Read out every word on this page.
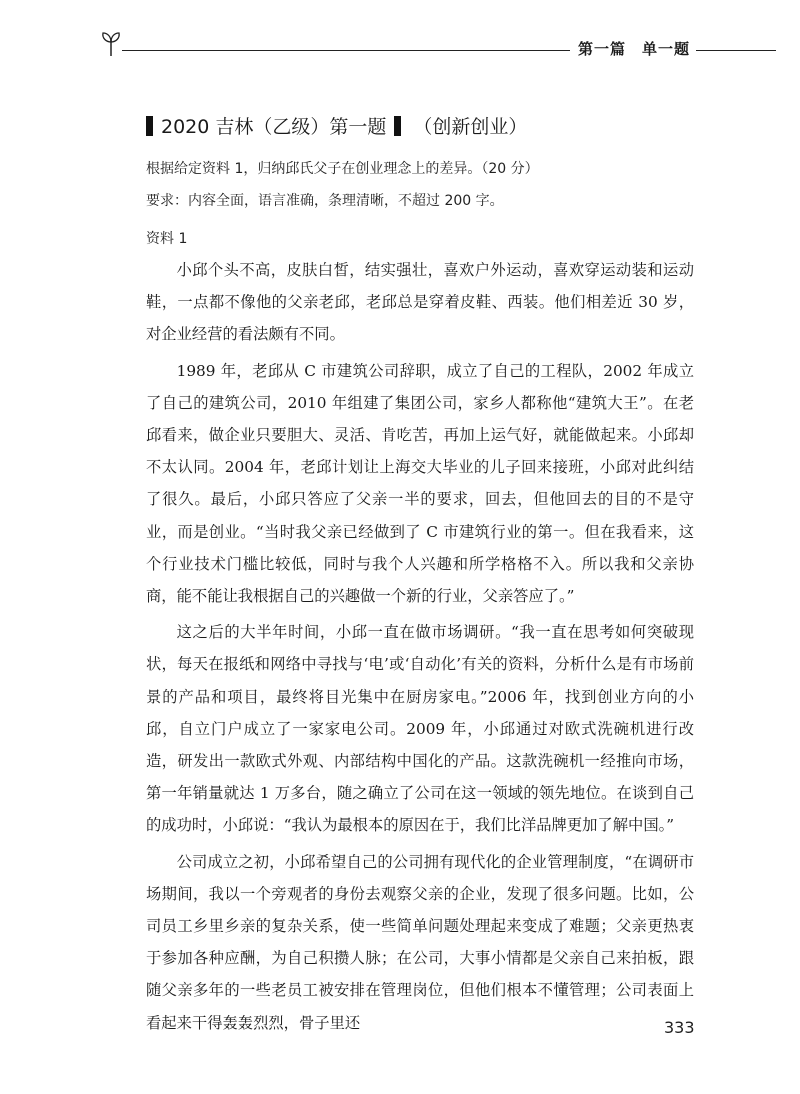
第一篇　单一题
2020 吉林（乙级）第一题 （创新创业）
根据给定资料 1，归纳邱氏父子在创业理念上的差异。（20 分）
要求：内容全面，语言准确，条理清晰，不超过 200 字。
资料 1

小邱个头不高，皮肤白皙，结实强壮，喜欢户外运动，喜欢穿运动装和运动鞋，一点都不像他的父亲老邱，老邱总是穿着皮鞋、西装。他们相差近 30 岁，对企业经营的看法颇有不同。

1989 年，老邱从 C 市建筑公司辞职，成立了自己的工程队，2002 年成立了自己的建筑公司，2010 年组建了集团公司，家乡人都称他“建筑大王”。在老邱看来，做企业只要胆大、灵活、肯吃苦，再加上运气好，就能做起来。小邱却不太认同。2004 年，老邱计划让上海交大毕业的儿子回来接班，小邱对此纠结了很久。最后，小邱只答应了父亲一半的要求，回去，但他回去的目的不是守业，而是创业。“当时我父亲已经做到了 C 市建筑行业的第一。但在我看来，这个行业技术门槛比较低，同时与我个人兴趣和所学格格不入。所以我和父亲协商，能不能让我根据自己的兴趣做一个新的行业，父亲答应了。”

这之后的大半年时间，小邱一直在做市场调研。“我一直在思考如何突破现状，每天在报纸和网络中寻找与‘电’或‘自动化’有关的资料，分析什么是有市场前景的产品和项目，最终将目光集中在厨房家电。”2006 年，找到创业方向的小邱，自立门户成立了一家家电公司。2009 年，小邱通过对欧式洗碗机进行改造，研发出一款欧式外观、内部结构中国化的产品。这款洗碗机一经推向市场，第一年销量就达 1 万多台，随之确立了公司在这一领域的领先地位。在谈到自己的成功时，小邱说：“我认为最根本的原因在于，我们比洋品牌更加了解中国。”

公司成立之初，小邱希望自己的公司拥有现代化的企业管理制度，“在调研市场期间，我以一个旁观者的身份去观察父亲的企业，发现了很多问题。比如，公司员工乡里乡亲的复杂关系，使一些简单问题处理起来变成了难题；父亲更热衷于参加各种应酬，为自己积攒人脉；在公司，大事小情都是父亲自己来拍板，跟随父亲多年的一些老员工被安排在管理岗位，但他们根本不懂管理；公司表面上看起来干得轰轰烈烈，骨子里还	333
